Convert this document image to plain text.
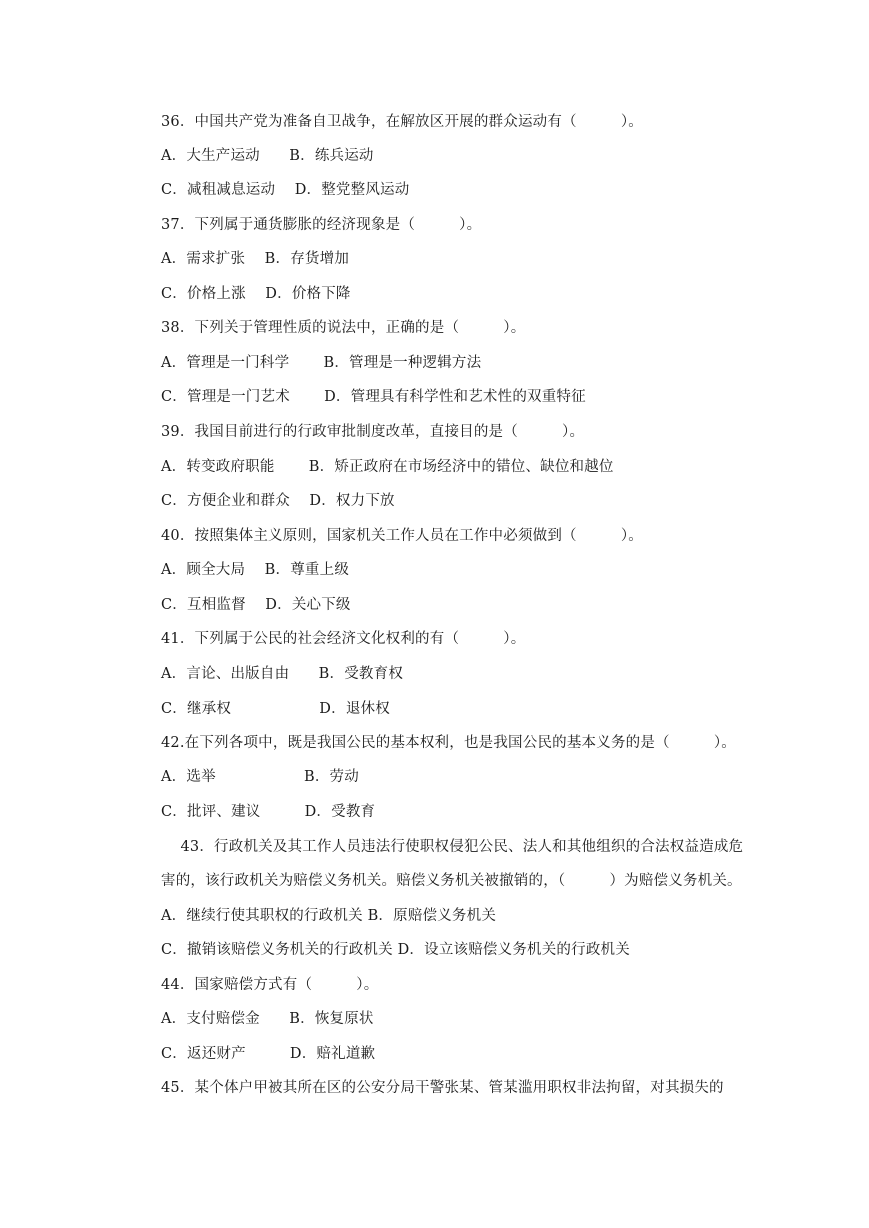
36．中国共产党为准备自卫战争，在解放区开展的群众运动有（　　　）。
A．大生产运动　　B．练兵运动
C．减租减息运动　 D．整党整风运动
37．下列属于通货膨胀的经济现象是（　　　）。
A．需求扩张　 B．存货增加
C．价格上涨　 D．价格下降
38．下列关于管理性质的说法中，正确的是（　　　）。
A．管理是一门科学　　 B．管理是一种逻辑方法
C．管理是一门艺术　　 D．管理具有科学性和艺术性的双重特征
39．我国目前进行的行政审批制度改革，直接目的是（　　　）。
A．转变政府职能　　 B．矫正政府在市场经济中的错位、缺位和越位
C．方便企业和群众　 D．权力下放
40．按照集体主义原则，国家机关工作人员在工作中必须做到（　　　）。
A．顾全大局　 B．尊重上级
C．互相监督　 D．关心下级
41．下列属于公民的社会经济文化权利的有（　　　）。
A．言论、出版自由　　B．受教育权
C．继承权　　　　　　D．退休权
42.在下列各项中，既是我国公民的基本权利，也是我国公民的基本义务的是（　　　）。
A．选举　　　　　　B．劳动
C．批评、建议　　　D．受教育
　 43．行政机关及其工作人员违法行使职权侵犯公民、法人和其他组织的合法权益造成危
害的，该行政机关为赔偿义务机关。赔偿义务机关被撤销的，（　　　）为赔偿义务机关。
A．继续行使其职权的行政机关 B．原赔偿义务机关
C．撤销该赔偿义务机关的行政机关 D．设立该赔偿义务机关的行政机关
44．国家赔偿方式有（　　　）。
A．支付赔偿金　　B．恢复原状
C．返还财产　　　D．赔礼道歉
45．某个体户甲被其所在区的公安分局干警张某、管某滥用职权非法拘留，对其损失的
